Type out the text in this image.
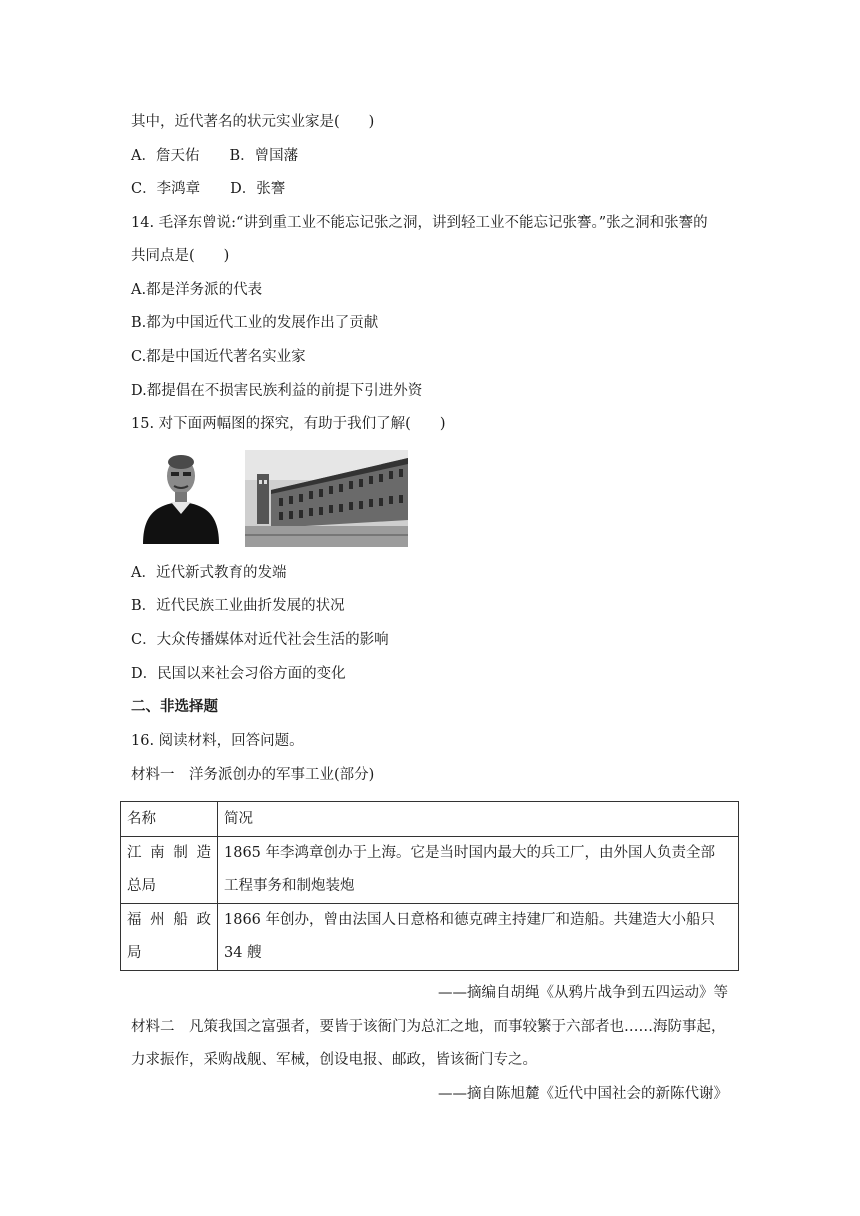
其中，近代著名的状元实业家是(　　)
A．詹天佑 B．曾国藩
C．李鸿章 D．张謇
14. 毛泽东曾说:“讲到重工业不能忘记张之洞，讲到轻工业不能忘记张謇。”张之洞和张謇的
共同点是(　　)
A.都是洋务派的代表
B.都为中国近代工业的发展作出了贡献
C.都是中国近代著名实业家
D.都提倡在不损害民族利益的前提下引进外资
15. 对下面两幅图的探究，有助于我们了解(　　)
A．近代新式教育的发端
B．近代民族工业曲折发展的状况
C．大众传播媒体对近代社会生活的影响
D．民国以来社会习俗方面的变化
二、非选择题
16. 阅读材料，回答问题。
材料一　洋务派创办的军事工业(部分)
名称	简况

江南制造
总局	1865 年李鸿章创办于上海。它是当时国内最大的兵工厂，由外国人负责全部
工程事务和制炮装炮

福州船政
局	1866 年创办，曾由法国人日意格和德克碑主持建厂和造船。共建造大小船只
34 艘
——摘编自胡绳《从鸦片战争到五四运动》等
材料二　凡策我国之富强者，要皆于该衙门为总汇之地，而事较繁于六部者也……海防事起，
力求振作，采购战舰、军械，创设电报、邮政，皆该衙门专之。
——摘自陈旭麓《近代中国社会的新陈代谢》
